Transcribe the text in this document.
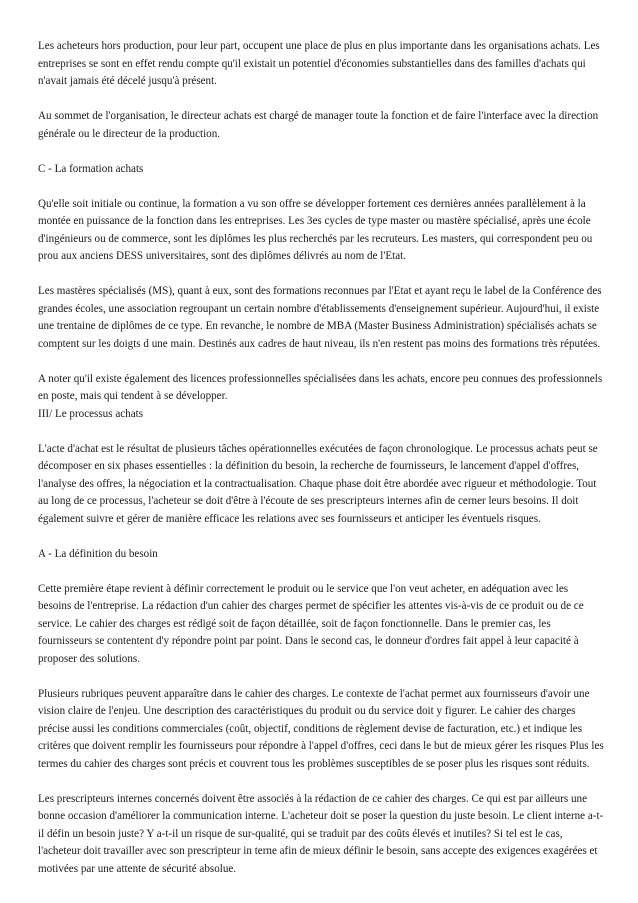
Les acheteurs hors production, pour leur part, occupent une place de plus en plus importante dans les organisations achats. Les entreprises se sont en effet rendu compte qu'il existait un potentiel d'économies substantielles dans des familles d'achats qui n'avait jamais été décelé jusqu'à présent.

Au sommet de l'organisation, le directeur achats est chargé de manager toute la fonction et de faire l'interface avec la direction générale ou le directeur de la production.

C - La formation achats

Qu'elle soit initiale ou continue, la formation a vu son offre se développer fortement ces dernières années parallèlement à la montée en puissance de la fonction dans les entreprises. Les 3es cycles de type master ou mastère spécialisé, après une école d'ingénieurs ou de commerce, sont les diplômes les plus recherchés par les recruteurs. Les masters, qui correspondent peu ou prou aux anciens DESS universitaires, sont des diplômes délivrés au nom de l'Etat.

Les mastères spécialisés (MS), quant à eux, sont des formations reconnues par l'Etat et ayant reçu le label de la Conférence des grandes écoles, une association regroupant un certain nombre d'établissements d'enseignement supérieur. Aujourd'hui, il existe une trentaine de diplômes de ce type. En revanche, le nombre de MBA (Master Business Administration) spécialisés achats se comptent sur les doigts d une main. Destinés aux cadres de haut niveau, ils n'en restent pas moins des formations très réputées.

A noter qu'il existe également des licences professionnelles spécialisées dans les achats, encore peu connues des professionnels en poste, mais qui tendent à se développer.

III/ Le processus achats

L'acte d'achat est le résultat de plusieurs tâches opérationnelles exécutées de façon chronologique. Le processus achats peut se décomposer en six phases essentielles : la définition du besoin, la recherche de fournisseurs, le lancement d'appel d'offres, l'analyse des offres, la négociation et la contractualisation. Chaque phase doit être abordée avec rigueur et méthodologie. Tout au long de ce processus, l'acheteur se doit d'être à l'écoute de ses prescripteurs internes afin de cerner leurs besoins. Il doit également suivre et gérer de manière efficace les relations avec ses fournisseurs et anticiper les éventuels risques.

A - La définition du besoin

Cette première étape revient à définir correctement le produit ou le service que l'on veut acheter, en adéquation avec les besoins de l'entreprise. La rédaction d'un cahier des charges permet de spécifier les attentes vis-à-vis de ce produit ou de ce service. Le cahier des charges est rédigé soit de façon détaillée, soit de façon fonctionnelle. Dans le premier cas, les fournisseurs se contentent d'y répondre point par point. Dans le second cas, le donneur d'ordres fait appel à leur capacité à proposer des solutions.

Plusieurs rubriques peuvent apparaître dans le cahier des charges. Le contexte de l'achat permet aux fournisseurs d'avoir une vision claire de l'enjeu. Une description des caractéristiques du produit ou du service doit y figurer. Le cahier des charges précise aussi les conditions commerciales (coût, objectif, conditions de règlement devise de facturation, etc.) et indique les critères que doivent remplir les fournisseurs pour répondre à l'appel d'offres, ceci dans le but de mieux gérer les risques Plus les termes du cahier des charges sont précis et couvrent tous les problèmes susceptibles de se poser plus les risques sont réduits.

Les prescripteurs internes concernés doivent être associés à la rédaction de ce cahier des charges. Ce qui est par ailleurs une bonne occasion d'améliorer la communication interne. L'acheteur doit se poser la question du juste besoin. Le client interne a-t-il défin un besoin juste? Y a-t-il un risque de sur-qualité, qui se traduit par des coûts élevés et inutiles? Si tel est le cas, l'acheteur doit travailler avec son prescripteur in terne afin de mieux définir le besoin, sans accepte des exigences exagérées et motivées par une attente de sécurité absolue.
